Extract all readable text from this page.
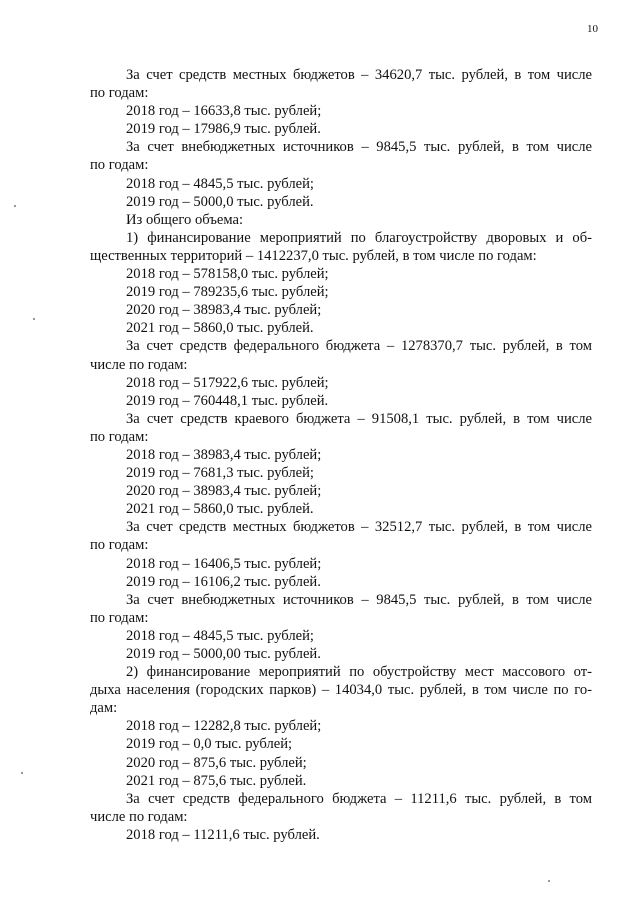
10
За счет средств местных бюджетов – 34620,7 тыс. рублей, в том числе
по годам:
2018 год – 16633,8 тыс. рублей;
2019 год – 17986,9 тыс. рублей.
За счет внебюджетных источников – 9845,5 тыс. рублей, в том числе
по годам:
2018 год – 4845,5 тыс. рублей;
2019 год – 5000,0 тыс. рублей.
Из общего объема:
1) финансирование мероприятий по благоустройству дворовых и об-
щественных территорий – 1412237,0 тыс. рублей, в том числе по годам:
2018 год – 578158,0 тыс. рублей;
2019 год – 789235,6 тыс. рублей;
2020 год – 38983,4 тыс. рублей;
2021 год – 5860,0 тыс. рублей.
За счет средств федерального бюджета – 1278370,7 тыс. рублей, в том
числе по годам:
2018 год – 517922,6 тыс. рублей;
2019 год – 760448,1 тыс. рублей.
За счет средств краевого бюджета – 91508,1 тыс. рублей, в том числе
по годам:
2018 год – 38983,4 тыс. рублей;
2019 год – 7681,3 тыс. рублей;
2020 год – 38983,4 тыс. рублей;
2021 год – 5860,0 тыс. рублей.
За счет средств местных бюджетов – 32512,7 тыс. рублей, в том числе
по годам:
2018 год – 16406,5 тыс. рублей;
2019 год – 16106,2 тыс. рублей.
За счет внебюджетных источников – 9845,5 тыс. рублей, в том числе
по годам:
2018 год – 4845,5 тыс. рублей;
2019 год – 5000,00 тыс. рублей.
2) финансирование мероприятий по обустройству мест массового от-
дыха населения (городских парков) – 14034,0 тыс. рублей, в том числе по го-
дам:
2018 год – 12282,8 тыс. рублей;
2019 год – 0,0 тыс. рублей;
2020 год – 875,6 тыс. рублей;
2021 год – 875,6 тыс. рублей.
За счет средств федерального бюджета – 11211,6 тыс. рублей, в том
числе по годам:
2018 год – 11211,6 тыс. рублей.
